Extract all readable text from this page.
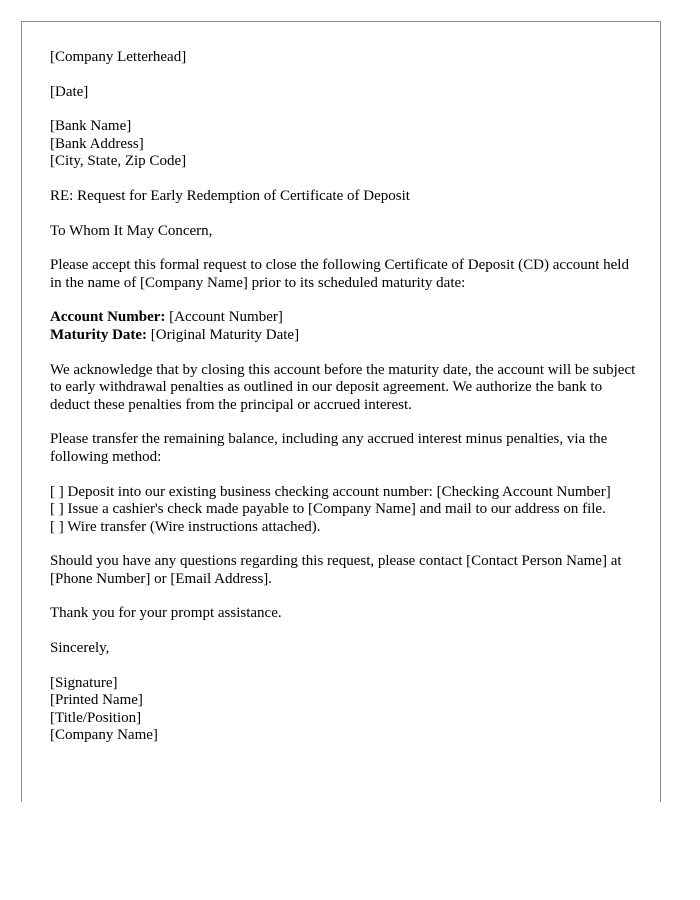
[Company Letterhead]

[Date]

[Bank Name]
[Bank Address]
[City, State, Zip Code]

RE: Request for Early Redemption of Certificate of Deposit

To Whom It May Concern,

Please accept this formal request to close the following Certificate of Deposit (CD) account held in the name of [Company Name] prior to its scheduled maturity date:

Account Number: [Account Number]
Maturity Date: [Original Maturity Date]

We acknowledge that by closing this account before the maturity date, the account will be subject to early withdrawal penalties as outlined in our deposit agreement. We authorize the bank to deduct these penalties from the principal or accrued interest.

Please transfer the remaining balance, including any accrued interest minus penalties, via the following method:

[ ] Deposit into our existing business checking account number: [Checking Account Number]
[ ] Issue a cashier's check made payable to [Company Name] and mail to our address on file.
[ ] Wire transfer (Wire instructions attached).

Should you have any questions regarding this request, please contact [Contact Person Name] at [Phone Number] or [Email Address].

Thank you for your prompt assistance.

Sincerely,

[Signature]
[Printed Name]
[Title/Position]
[Company Name]
